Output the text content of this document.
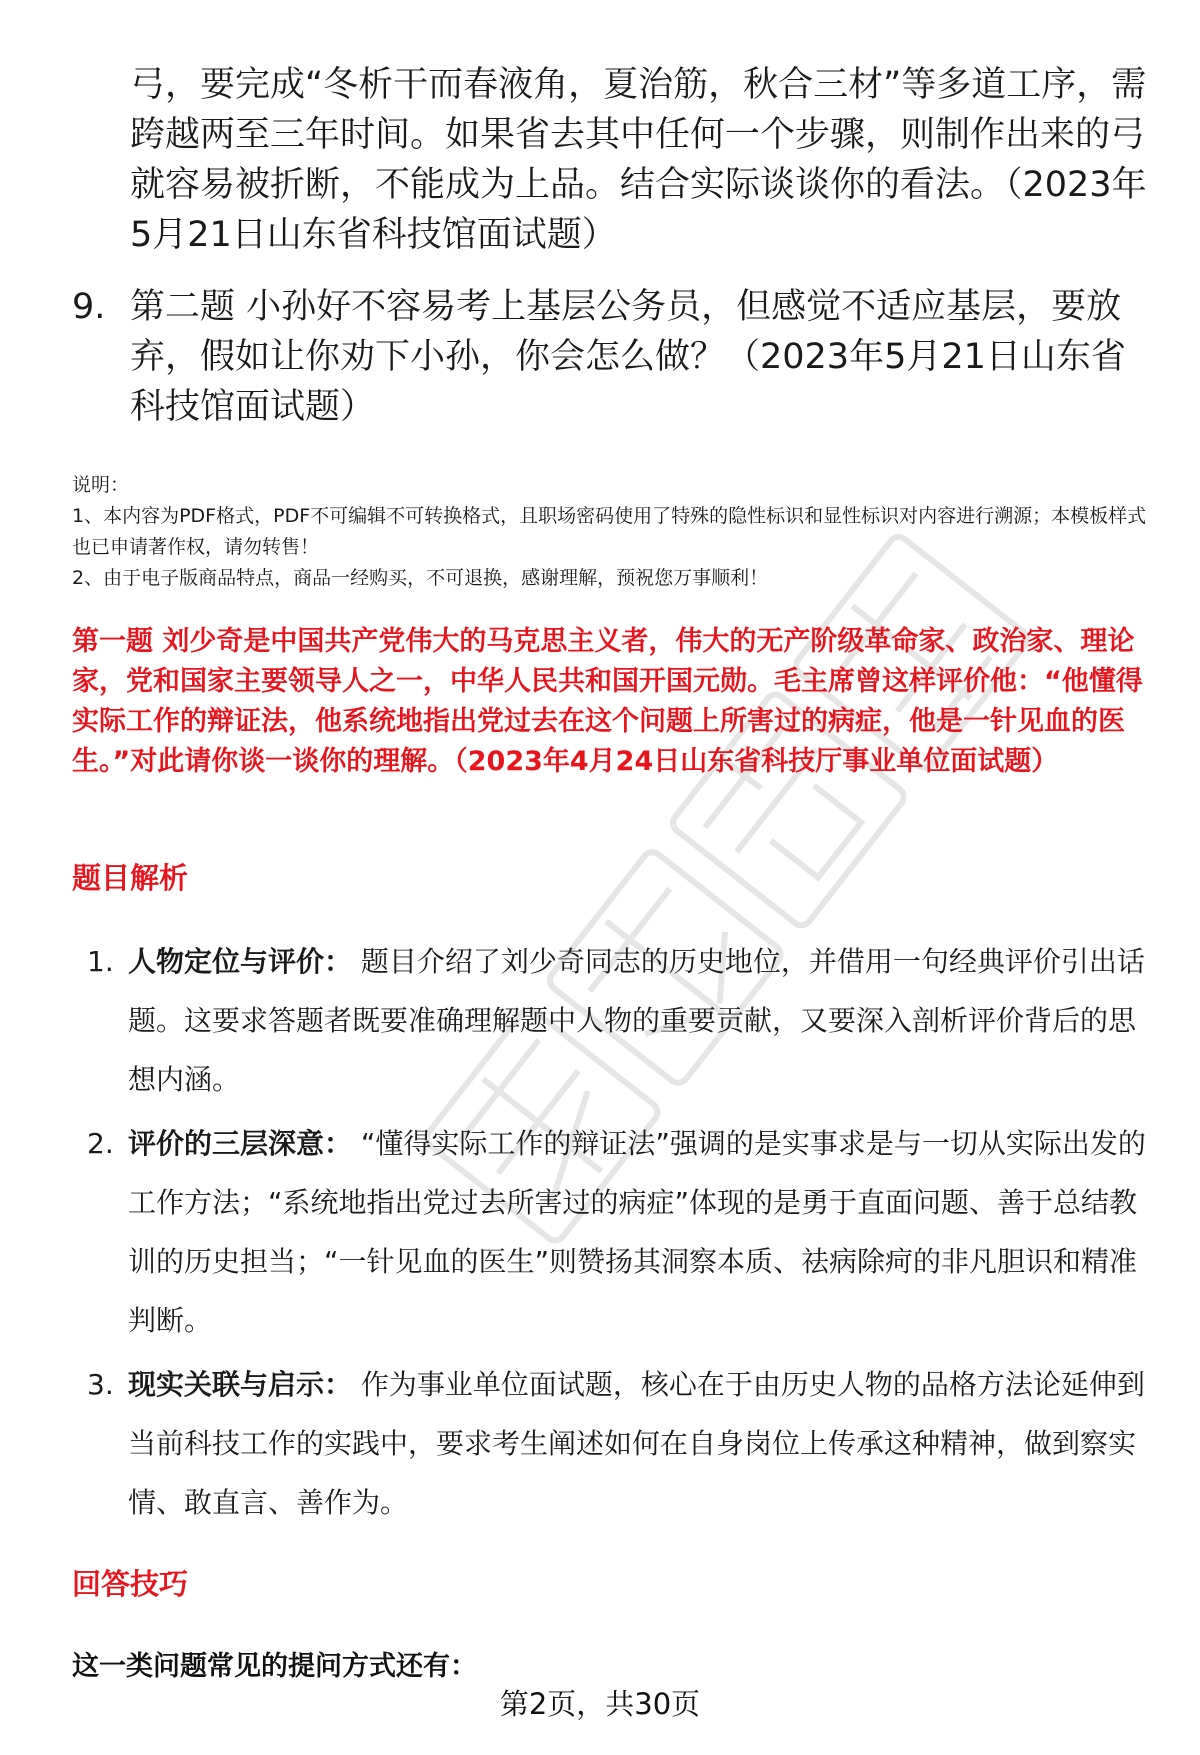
弓，要完成“冬析干而春液角，夏治筋，秋合三材”等多道工序，需跨越两至三年时间。如果省去其中任何一个步骤，则制作出来的弓就容易被折断，不能成为上品。结合实际谈谈你的看法。（2023年5月21日山东省科技馆面试题）
9. 第二题 小孙好不容易考上基层公务员，但感觉不适应基层，要放弃，假如让你劝下小孙，你会怎么做？（2023年5月21日山东省科技馆面试题）

说明：

1、本内容为PDF格式，PDF不可编辑不可转换格式，且职场密码使用了特殊的隐性标识和显性标识对内容进行溯源；本模板样式也已申请著作权，请勿转售！

2、由于电子版商品特点，商品一经购买，不可退换，感谢理解，预祝您万事顺利！

第一题 刘少奇是中国共产党伟大的马克思主义者，伟大的无产阶级革命家、政治家、理论家，党和国家主要领导人之一，中华人民共和国开国元勋。毛主席曾这样评价他：“他懂得实际工作的辩证法，他系统地指出党过去在这个问题上所害过的病症，他是一针见血的医生。”对此请你谈一谈你的理解。（2023年4月24日山东省科技厅事业单位面试题）

题目解析
1. 人物定位与评价： 题目介绍了刘少奇同志的历史地位，并借用一句经典评价引出话题。这要求答题者既要准确理解题中人物的重要贡献，又要深入剖析评价背后的思想内涵。
2. 评价的三层深意： “懂得实际工作的辩证法”强调的是实事求是与一切从实际出发的工作方法；“系统地指出党过去所害过的病症”体现的是勇于直面问题、善于总结教训的历史担当；“一针见血的医生”则赞扬其洞察本质、祛病除疴的非凡胆识和精准判断。
3. 现实关联与启示： 作为事业单位面试题，核心在于由历史人物的品格方法论延伸到当前科技工作的实践中，要求考生阐述如何在自身岗位上传承这种精神，做到察实情、敢直言、善作为。
回答技巧

这一类问题常见的提问方式还有：

第2页，共30页
